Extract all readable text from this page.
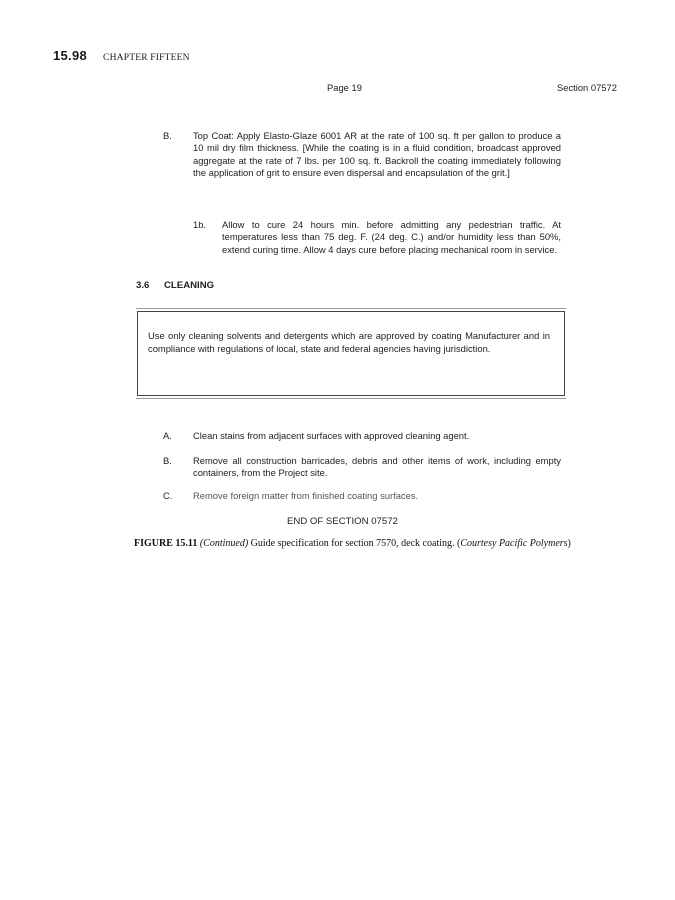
15.98 CHAPTER FIFTEEN
Page 19	Section 07572
B. Top Coat: Apply Elasto-Glaze 6001 AR at the rate of 100 sq. ft per gallon to produce a 10 mil dry film thickness. [While the coating is in a fluid condition, broadcast approved aggregate at the rate of 7 lbs. per 100 sq. ft. Backroll the coating immediately following the application of grit to ensure even dispersal and encapsulation of the grit.]
1b. Allow to cure 24 hours min. before admitting any pedestrian traffic. At temperatures less than 75 deg. F. (24 deg. C.) and/or humidity less than 50%, extend curing time. Allow 4 days cure before placing mechanical room in service.
3.6 CLEANING
Use only cleaning solvents and detergents which are approved by coating Manufacturer and in compliance with regulations of local, state and federal agencies having jurisdiction.
A. Clean stains from adjacent surfaces with approved cleaning agent.
B. Remove all construction barricades, debris and other items of work, including empty containers, from the Project site.
C. Remove foreign matter from finished coating surfaces.
END OF SECTION 07572
FIGURE 15.11 (Continued) Guide specification for section 7570, deck coating. (Courtesy Pacific Polymers)
